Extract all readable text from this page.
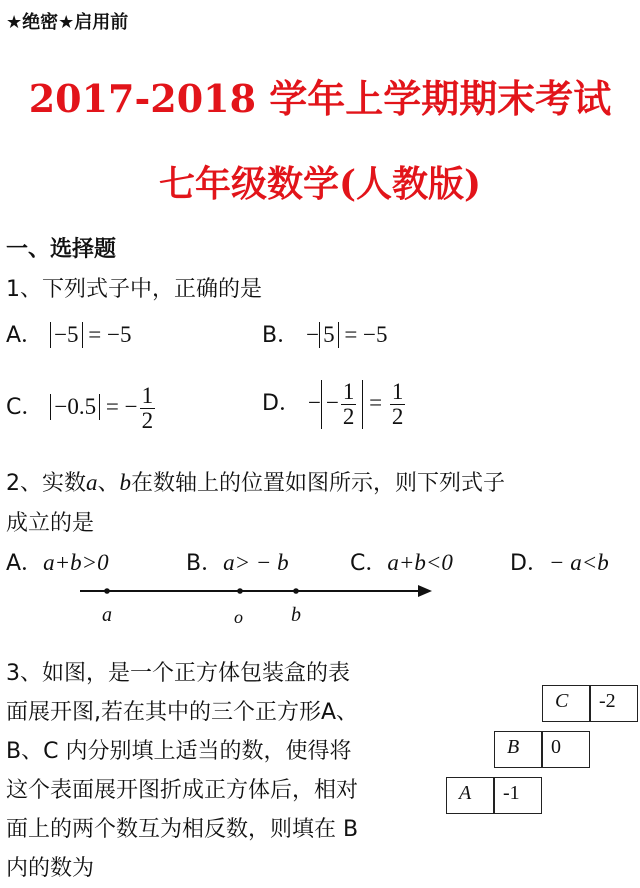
★绝密★启用前
2017-2018 学年上学期期末考试
七年级数学(人教版)
一、选择题
1、下列式子中，正确的是
A． −5 = −5	B． − 5 = −5
C． −0.5 = − $\frac{1}{2}$	D． − − $\frac{1}{2} = \frac{1}{2}$
2、实数a、b在数轴上的位置如图所示，则下列式子
成立的是
A．a+b>0	B．a> − b	C．a+b<0	D．− a<b
a	o b
3、如图，是一个正方体包装盒的表
面展开图,若在其中的三个正方形A、
B、C 内分别填上适当的数，使得将
这个表面展开图折成正方体后，相对
面上的两个数互为相反数，则填在 B
内的数为
C	-2
B	0
A	-1
